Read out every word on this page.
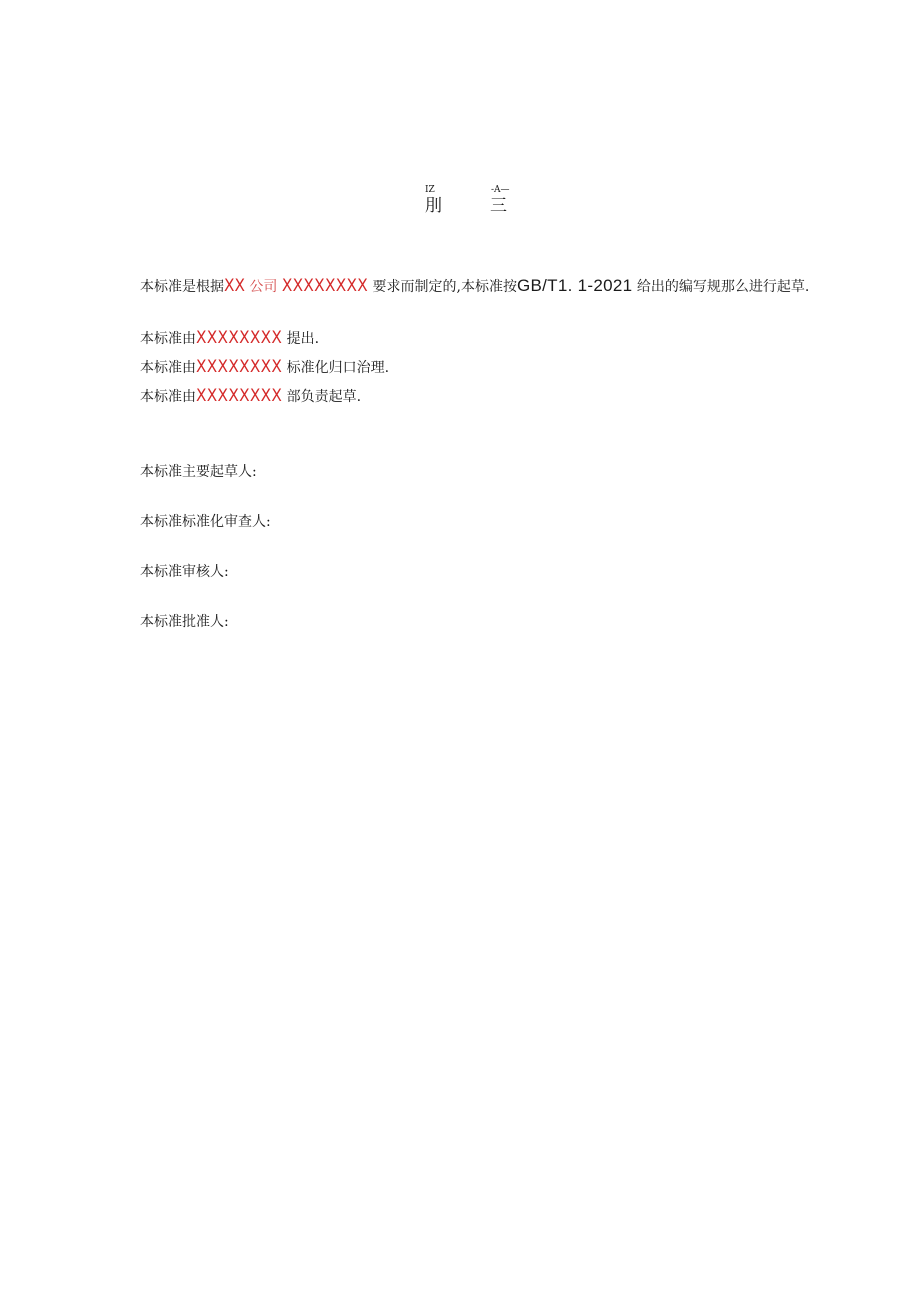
IZ
刖
-A—
三
本标准是根据XX 公司 XXXXXXXX 要求而制定的,本标准按GB/T1. 1-2021 给出的编写规那么进行起草.
本标准由XXXXXXXX 提出.
本标准由XXXXXXXX 标准化归口治理.
本标准由XXXXXXXX 部负责起草.
本标准主要起草人:
本标准标准化审查人:
本标准审核人:
本标准批准人:
